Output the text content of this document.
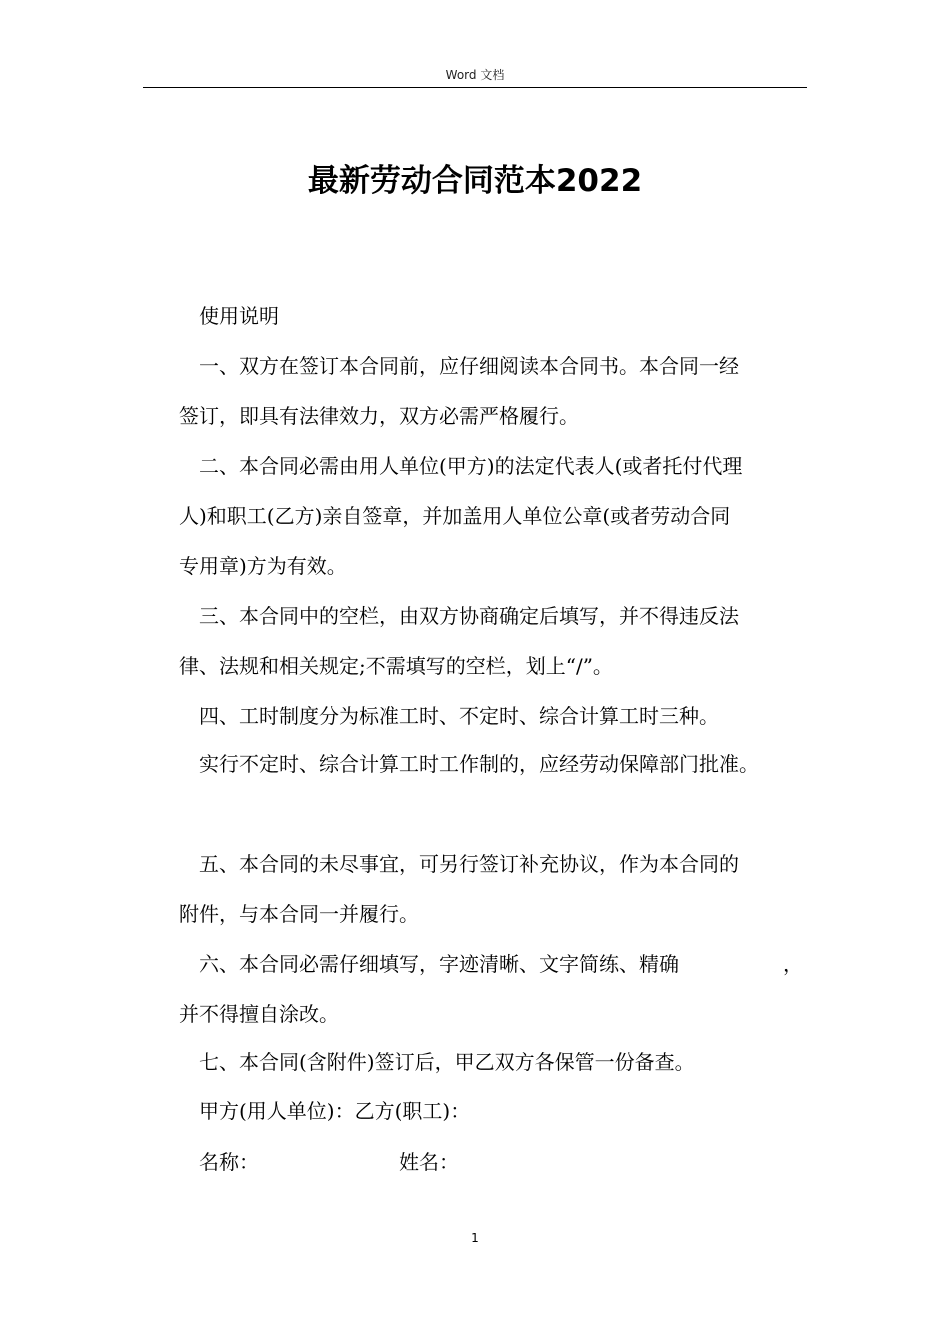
Word 文档
最新劳动合同范本2022
使用说明
一、双方在签订本合同前，应仔细阅读本合同书。本合同一经
签订，即具有法律效力，双方必需严格履行。
二、本合同必需由用人单位(甲方)的法定代表人(或者托付代理
人)和职工(乙方)亲自签章，并加盖用人单位公章(或者劳动合同
专用章)方为有效。
三、本合同中的空栏，由双方协商确定后填写，并不得违反法
律、法规和相关规定;不需填写的空栏，划上“/”。
四、工时制度分为标准工时、不定时、综合计算工时三种。
实行不定时、综合计算工时工作制的，应经劳动保障部门批准。
五、本合同的未尽事宜，可另行签订补充协议，作为本合同的
附件，与本合同一并履行。
六、本合同必需仔细填写，字迹清晰、文字简练、精确	，
并不得擅自涂改。
七、本合同(含附件)签订后，甲乙双方各保管一份备查。
甲方(用人单位)：乙方(职工)：
名称：	姓名：
1
